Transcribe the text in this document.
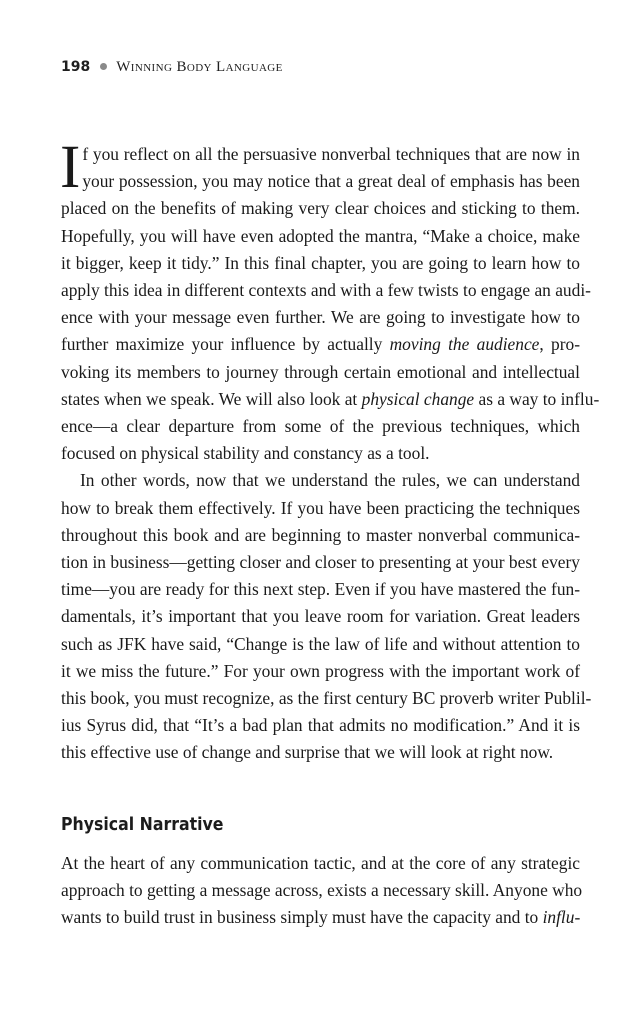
198 Winning Body Language
I f you reflect on all the persuasive nonverbal techniques that are now in
your possession, you may notice that a great deal of emphasis has been
placed on the benefits of making very clear choices and sticking to them.
Hopefully, you will have even adopted the mantra, “Make a choice, make
it bigger, keep it tidy.” In this final chapter, you are going to learn how to
apply this idea in different contexts and with a few twists to engage an audi-
ence with your message even further. We are going to investigate how to
further maximize your influence by actually moving the audience, pro-
voking its members to journey through certain emotional and intellectual
states when we speak. We will also look at physical change as a way to influ-
ence—a clear departure from some of the previous techniques, which
focused on physical stability and constancy as a tool.
In other words, now that we understand the rules, we can understand
how to break them effectively. If you have been practicing the techniques
throughout this book and are beginning to master nonverbal communica-
tion in business—getting closer and closer to presenting at your best every
time—you are ready for this next step. Even if you have mastered the fun-
damentals, it’s important that you leave room for variation. Great leaders
such as JFK have said, “Change is the law of life and without attention to
it we miss the future.” For your own progress with the important work of
this book, you must recognize, as the first century BC proverb writer Publil-
ius Syrus did, that “It’s a bad plan that admits no modification.” And it is
this effective use of change and surprise that we will look at right now.
Physical Narrative
At the heart of any communication tactic, and at the core of any strategic
approach to getting a message across, exists a necessary skill. Anyone who
wants to build trust in business simply must have the capacity and to influ-
